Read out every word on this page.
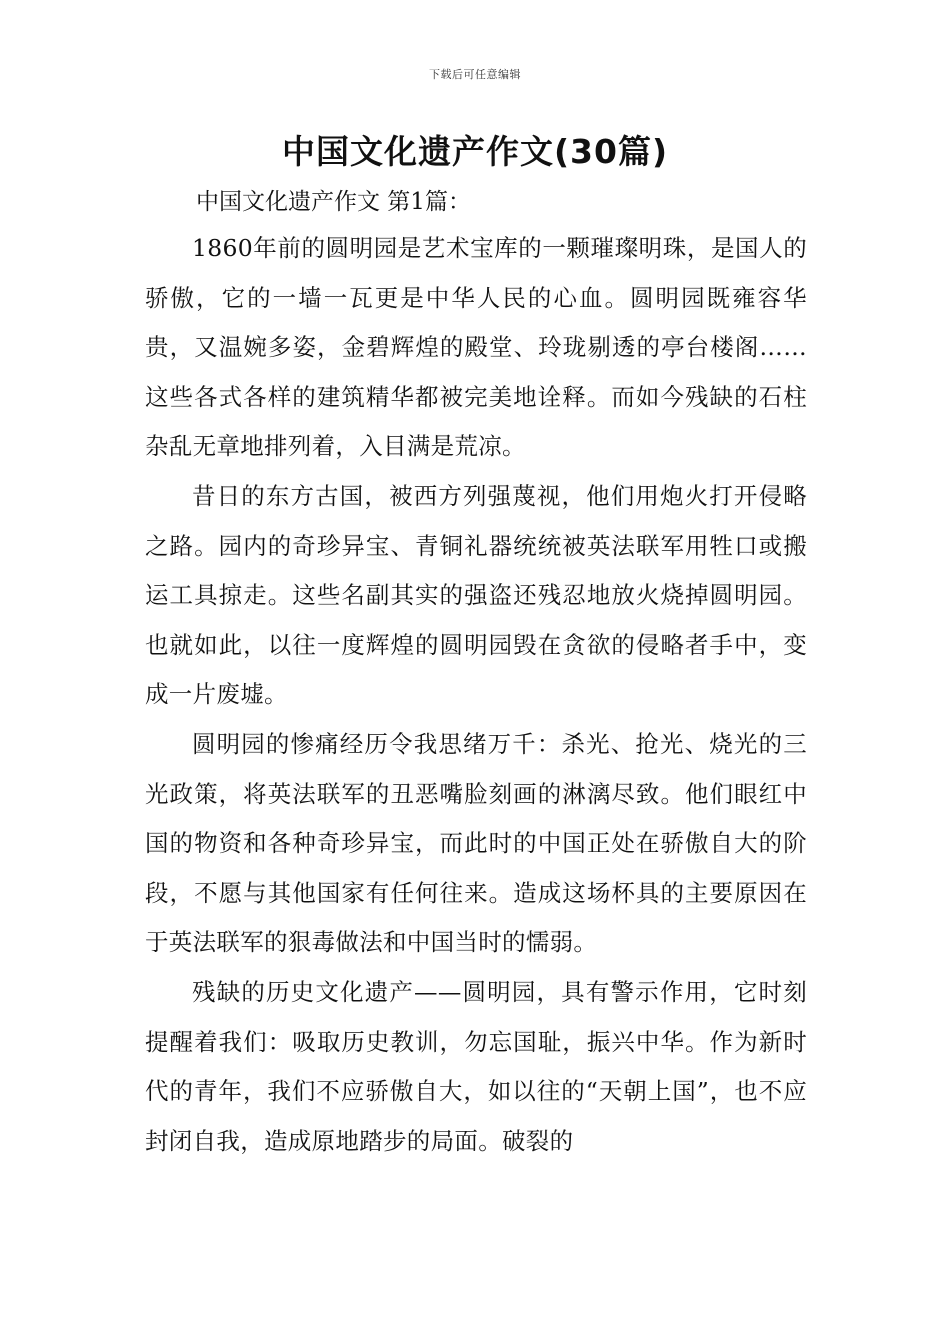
下载后可任意编辑
中国文化遗产作文(30篇)

中国文化遗产作文 第1篇：

1860年前的圆明园是艺术宝库的一颗璀璨明珠，是国人的骄傲，它的一墙一瓦更是中华人民的心血。圆明园既雍容华贵，又温婉多姿，金碧辉煌的殿堂、玲珑剔透的亭台楼阁……这些各式各样的建筑精华都被完美地诠释。而如今残缺的石柱杂乱无章地排列着，入目满是荒凉。

昔日的东方古国，被西方列强蔑视，他们用炮火打开侵略之路。园内的奇珍异宝、青铜礼器统统被英法联军用牲口或搬运工具掠走。这些名副其实的强盗还残忍地放火烧掉圆明园。也就如此，以往一度辉煌的圆明园毁在贪欲的侵略者手中，变成一片废墟。

圆明园的惨痛经历令我思绪万千：杀光、抢光、烧光的三光政策，将英法联军的丑恶嘴脸刻画的淋漓尽致。他们眼红中国的物资和各种奇珍异宝，而此时的中国正处在骄傲自大的阶段，不愿与其他国家有任何往来。造成这场杯具的主要原因在于英法联军的狠毒做法和中国当时的懦弱。

残缺的历史文化遗产——圆明园，具有警示作用，它时刻提醒着我们：吸取历史教训，勿忘国耻，振兴中华。作为新时代的青年，我们不应骄傲自大，如以往的“天朝上国”，也不应封闭自我，造成原地踏步的局面。破裂的
